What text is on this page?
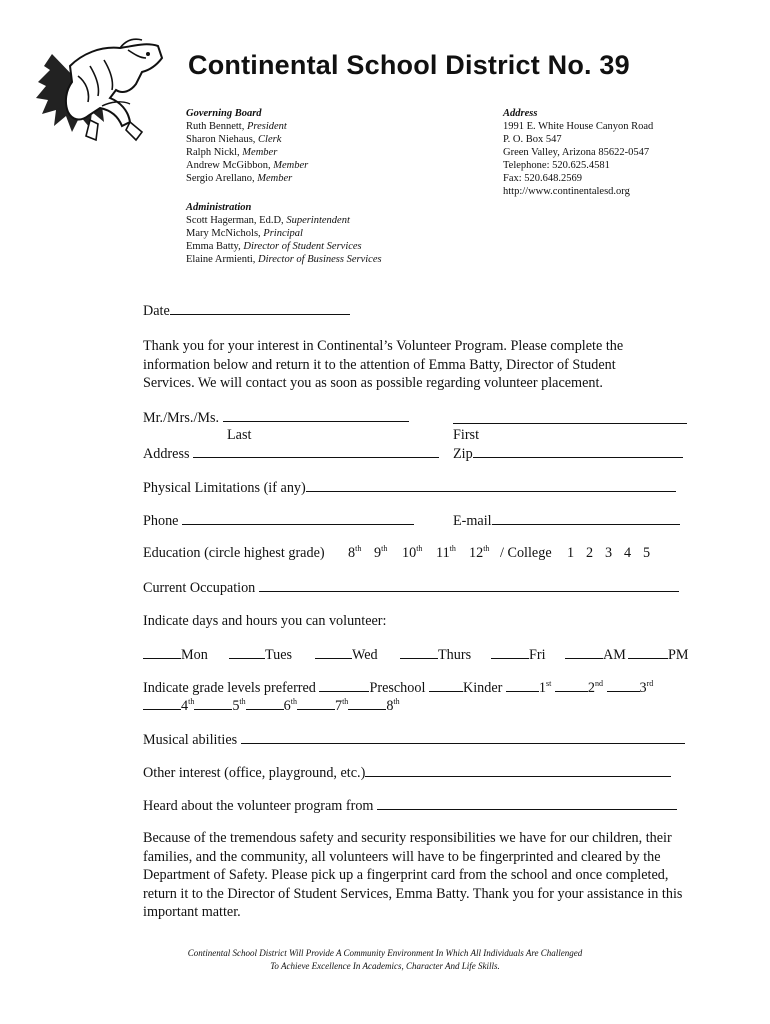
Continental School District No. 39
Governing Board
Ruth Bennett, President
Sharon Niehaus, Clerk
Ralph Nickl, Member
Andrew McGibbon, Member
Sergio Arellano, Member
Address
1991 E. White House Canyon Road
P. O. Box 547
Green Valley, Arizona 85622-0547
Telephone: 520.625.4581
Fax: 520.648.2569
http://www.continentalesd.org
Administration
Scott Hagerman, Ed.D, Superintendent
Mary McNichols, Principal
Emma Batty, Director of Student Services
Elaine Armienti, Director of Business Services
Date
Thank you for your interest in Continental’s Volunteer Program. Please complete the information below and return it to the attention of Emma Batty, Director of Student Services. We will contact you as soon as possible regarding volunteer placement.
Mr./Mrs./Ms.
Last	First
Address	Zip
Physical Limitations (if any)
Phone	E-mail
Education (circle highest grade) 8th 9th 10th 11th 12th / College 1 2 3 4 5
Current Occupation
Indicate days and hours you can volunteer:
Mon	Tues	Wed	Thurs	Fri	AM	PM
Indicate grade levels preferred	Preschool	Kinder	1st	2nd	3rd
4th	5th	6th	7th	8th
Musical abilities
Other interest (office, playground, etc.)
Heard about the volunteer program from
Because of the tremendous safety and security responsibilities we have for our children, their families, and the community, all volunteers will have to be fingerprinted and cleared by the Department of Safety. Please pick up a fingerprint card from the school and once completed, return it to the Director of Student Services, Emma Batty. Thank you for your assistance in this important matter.
Continental School District Will Provide A Community Environment In Which All Individuals Are Challenged
To Achieve Excellence In Academics, Character And Life Skills.
